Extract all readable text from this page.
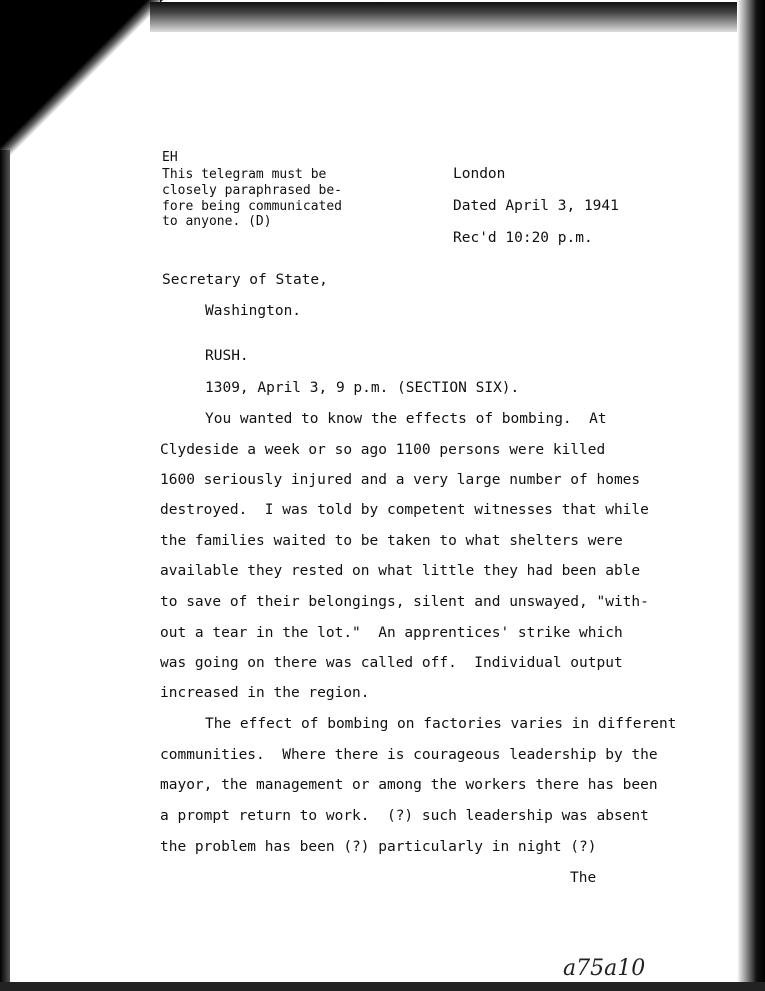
EH
This telegram must be
closely paraphrased be-
fore being communicated
to anyone. (D)
London
Dated April 3, 1941
Rec'd 10:20 p.m.
Secretary of State,
Washington.
RUSH.
1309, April 3, 9 p.m. (SECTION SIX).
You wanted to know the effects of bombing.  At
Clydeside a week or so ago 1100 persons were killed
1600 seriously injured and a very large number of homes
destroyed.  I was told by competent witnesses that while
the families waited to be taken to what shelters were
available they rested on what little they had been able
to save of their belongings, silent and unswayed, "with-
out a tear in the lot."  An apprentices' strike which
was going on there was called off.  Individual output
increased in the region.
The effect of bombing on factories varies in different
communities.  Where there is courageous leadership by the
mayor, the management or among the workers there has been
a prompt return to work.  (?) such leadership was absent
the problem has been (?) particularly in night (?)
The
a75a10
